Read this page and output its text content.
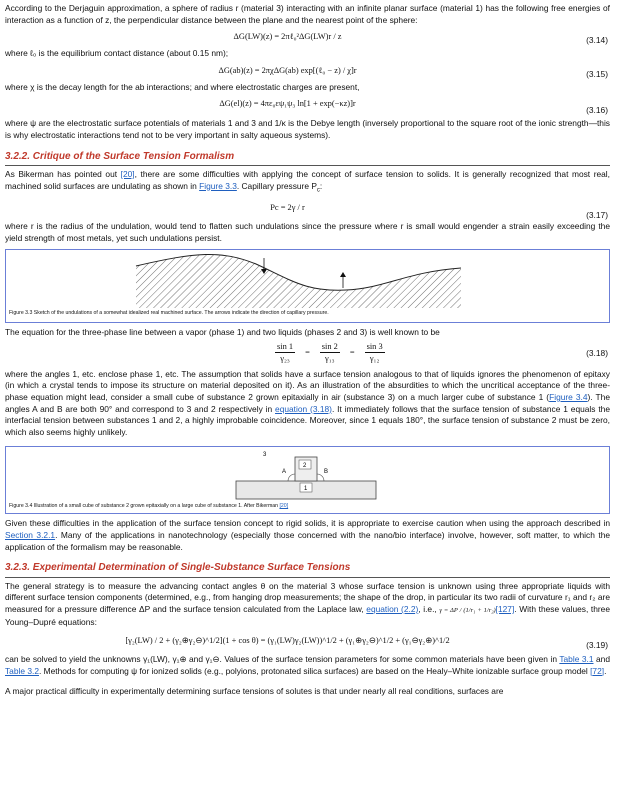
According to the Derjaguin approximation, a sphere of radius r (material 3) interacting with an infinite planar surface (material 1) has the following free energies of interaction as a function of z, the perpendicular distance between the plane and the nearest point of the sphere:

ΔG(LW)(z) = 2πℓ₀²ΔG(LW)r / z	(3.14)

where ℓ₀ is the equilibrium contact distance (about 0.15 nm);

ΔG(ab)(z) = 2πχΔG(ab) exp[(ℓ₀ − z) / χ]r	(3.15)

where χ is the decay length for the ab interactions; and where electrostatic charges are present,

ΔG(el)(z) = 4πε₀εψ₁ψ₃ ln[1 + exp(−κz)]r
(3.16)

where ψ are the electrostatic surface potentials of materials 1 and 3 and 1/κ is the Debye length (inversely proportional to the square root of the ionic strength—this is why electrostatic interactions tend not to be very important in salty aqueous systems).

3.2.2. Critique of the Surface Tension Formalism

As Bikerman has pointed out [20], there are some difficulties with applying the concept of surface tension to solids. It is generally recognized that most real, machined solid surfaces are undulating as shown in Figure 3.3. Capillary pressure $P_c$:

Pc = 2γ / r
(3.17)

where r is the radius of the undulation, would tend to flatten such undulations since the pressure where r is small would engender a strain easily exceeding the yield strength of most metals, yet such undulations persist.

Figure 3.3 Sketch of the undulations of a somewhat idealized real machined surface. The arrows indicate the direction of capillary pressure.

The equation for the three-phase line between a vapor (phase 1) and two liquids (phases 2 and 3) is well known to be

$\frac{\sin 1}{\text{γ₂₃}} = \frac{\sin 2}{\text{γ₁₃}} = \frac{\sin 3}{\text{γ₁₂}}$	(3.18)

where the angles 1, etc. enclose phase 1, etc. The assumption that solids have a surface tension analogous to that of liquids ignores the phenomenon of epitaxy (in which a crystal tends to impose its structure on material deposited on it). As an illustration of the absurdities to which the uncritical acceptance of the three-phase equation might lead, consider a small cube of substance 2 grown epitaxially in air (substance 3) on a much larger cube of substance 1 (Figure 3.4). The angles A and B are both 90° and correspond to 3 and 2 respectively in equation (3.18). It immediately follows that the surface tension of substance 1 equals the interfacial tension between substances 1 and 2, a highly improbable coincidence. Moreover, since 1 equals 180°, the surface tension of substance 2 must be zero, which also seems highly unlikely.

3
1
2
A	B
Figure 3.4 Illustration of a small cube of substance 2 grown epitaxially on a large cube of substance 1. After Bikerman [20]

Given these difficulties in the application of the surface tension concept to rigid solids, it is appropriate to exercise caution when using the approach described in Section 3.2.1. Many of the applications in nanotechnology (especially those concerned with the nano/bio interface) involve, however, soft matter, to which the application of the formalism may be reasonable.

3.2.3. Experimental Determination of Single-Substance Surface Tensions

The general strategy is to measure the advancing contact angles θ on the material 3 whose surface tension is unknown using three appropriate liquids with different surface tension components (determined, e.g., from hanging drop measurements; the shape of the drop, in particular its two radii of curvature r₁ and r₂ are measured for a pressure difference ΔP and the surface tension calculated from the Laplace law, equation (2.2), i.e., γ = ΔP / (1/r₁ + 1/r₂)[127]. With these values, three Young–Dupré equations:

[γ₂(LW) / 2 + (γ₂⊕γ₂⊖)^1/2](1 + cos θ) = (γ₁(LW)γ₂(LW))^1/2 + (γ₁⊕γ₂⊖)^1/2 + (γ₁⊖γ₂⊕)^1/2	(3.19)

can be solved to yield the unknowns γ₁(LW), γ₁⊕ and γ₁⊖. Values of the surface tension parameters for some common materials have been given in Table 3.1 and Table 3.2. Methods for computing ψ for ionized solids (e.g., polyions, protonated silica surfaces) are based on the Healy–White ionizable surface group model [72].

A major practical difficulty in experimentally determining surface tensions of solutes is that under nearly all real conditions, surfaces are
